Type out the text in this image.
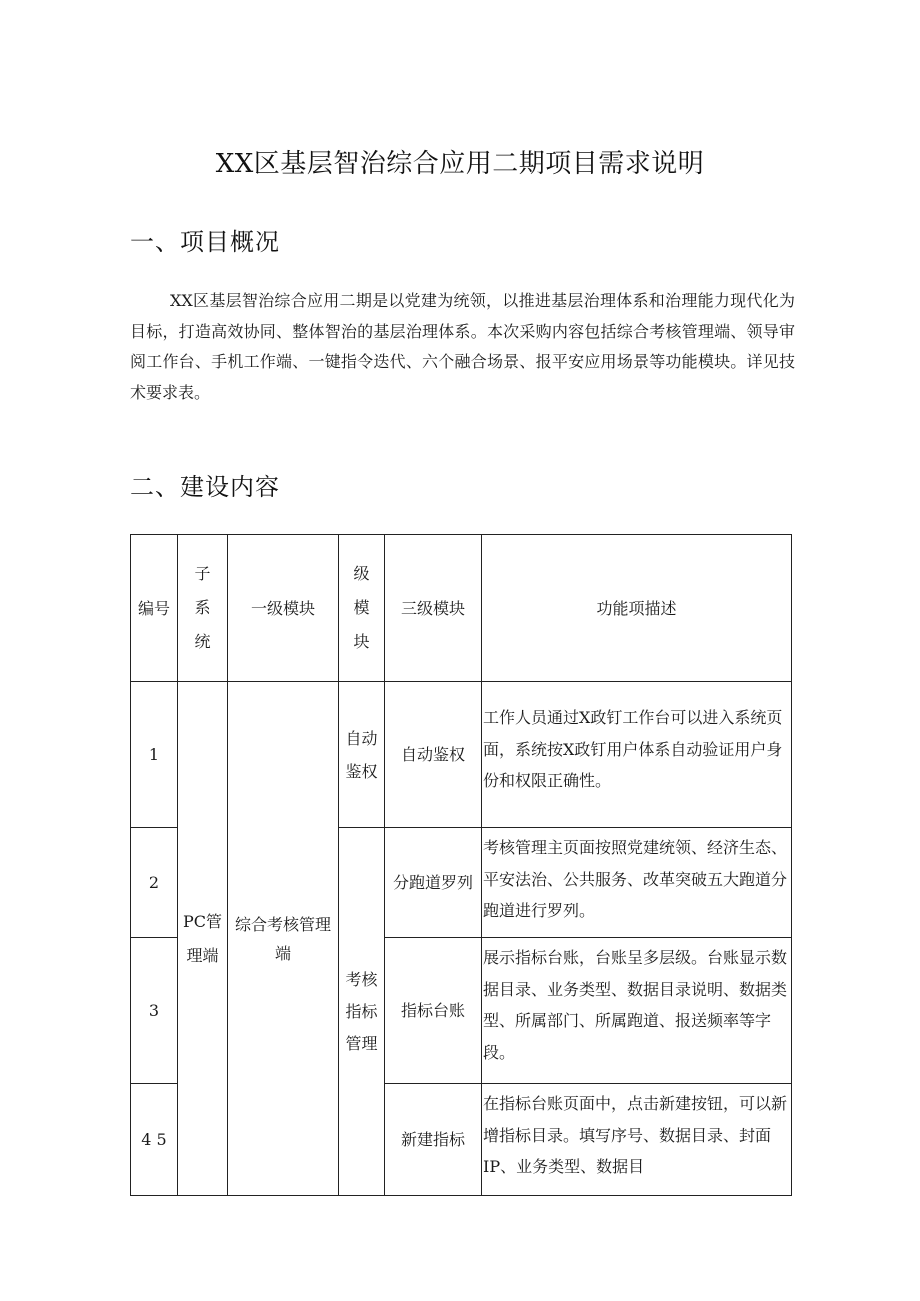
XX区基层智治综合应用二期项目需求说明
一、项目概况
XX区基层智治综合应用二期是以党建为统领，以推进基层治理体系和治理能力现代化为目标，打造高效协同、整体智治的基层治理体系。本次采购内容包括综合考核管理端、领导审阅工作台、手机工作端、一键指令迭代、六个融合场景、报平安应用场景等功能模块。详见技术要求表。
二、建设内容
编号	子系统	一级模块	级模块	三级模块	功能项描述
1	PC管理端	综合考核管理端	自动鉴权	自动鉴权	工作人员通过X政钉工作台可以进入系统页面，系统按X政钉用户体系自动验证用户身份和权限正确性。
2			考核指标管理	分跑道罗列	考核管理主页面按照党建统领、经济生态、平安法治、公共服务、改革突破五大跑道分跑道进行罗列。
3				指标台账	展示指标台账，台账呈多层级。台账显示数据目录、业务类型、数据目录说明、数据类型、所属部门、所属跑道、报送频率等字段。
4 5				新建指标	在指标台账页面中，点击新建按钮，可以新增指标目录。填写序号、数据目录、封面IP、业务类型、数据目
